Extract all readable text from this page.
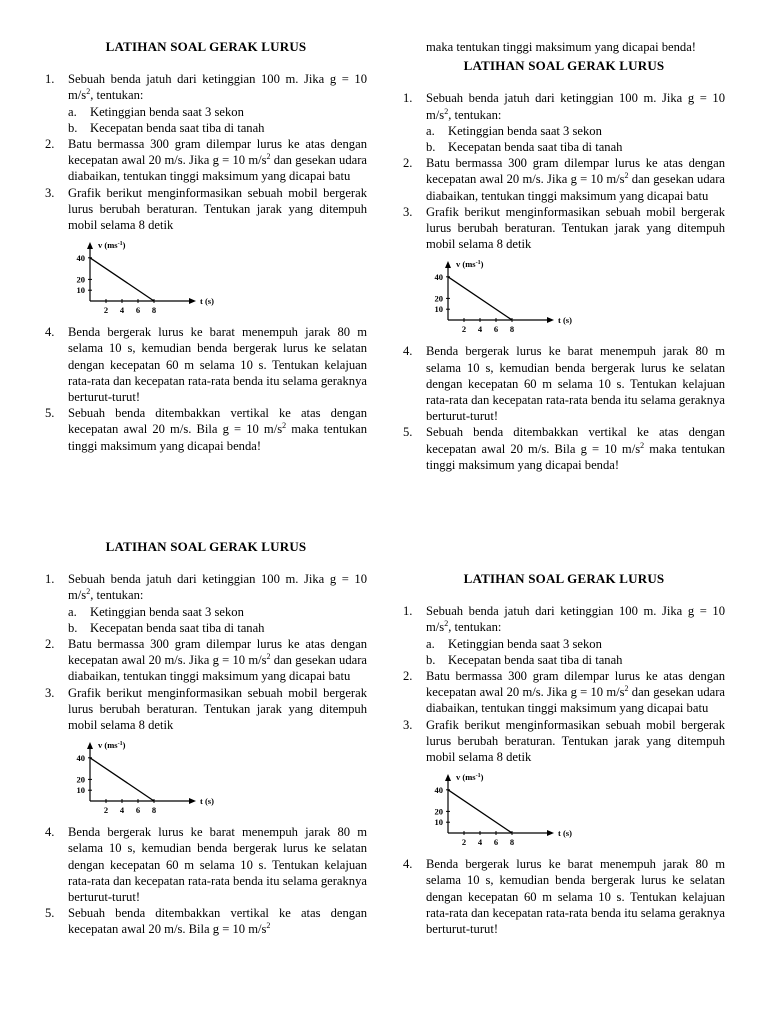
LATIHAN SOAL GERAK LURUS

1. Sebuah benda jatuh dari ketinggian 100 m. Jika g = 10 $m/s^2$, tentukan:
a. Ketinggian benda saat 3 sekon
b. Kecepatan benda saat tiba di tanah
2. Batu bermassa 300 gram dilempar lurus ke atas dengan kecepatan awal 20 m/s. Jika g = 10 $m/s^2$ dan gesekan udara diabaikan, tentukan tinggi maksimum yang dicapai batu
3. Grafik berikut menginformasikan sebuah mobil bergerak lurus berubah beraturan. Tentukan jarak yang ditempuh mobil selama 8 detik
40
20
10
2 4 6 8
v $(ms^{-1})$
t (s)
4. Benda bergerak lurus ke barat menempuh jarak 80 m selama 10 s, kemudian benda bergerak lurus ke selatan dengan kecepatan 60 m selama 10 s. Tentukan kelajuan rata-rata dan kecepatan rata-rata benda itu selama geraknya berturut-turut!
5. Sebuah benda ditembakkan vertikal ke atas dengan kecepatan awal 20 m/s. Bila g = 10 $m/s^2$ maka tentukan tinggi maksimum yang dicapai benda!

maka tentukan tinggi maksimum yang dicapai benda!

LATIHAN SOAL GERAK LURUS

1. Sebuah benda jatuh dari ketinggian 100 m. Jika g = 10 $m/s^2$, tentukan:
a. Ketinggian benda saat 3 sekon
b. Kecepatan benda saat tiba di tanah
2. Batu bermassa 300 gram dilempar lurus ke atas dengan kecepatan awal 20 m/s. Jika g = 10 $m/s^2$ dan gesekan udara diabaikan, tentukan tinggi maksimum yang dicapai batu
3. Grafik berikut menginformasikan sebuah mobil bergerak lurus berubah beraturan. Tentukan jarak yang ditempuh mobil selama 8 detik
40
20
10
2 4 6 8
v $(ms^{-1})$
t (s)
4. Benda bergerak lurus ke barat menempuh jarak 80 m selama 10 s, kemudian benda bergerak lurus ke selatan dengan kecepatan 60 m selama 10 s. Tentukan kelajuan rata-rata dan kecepatan rata-rata benda itu selama geraknya berturut-turut!
5. Sebuah benda ditembakkan vertikal ke atas dengan kecepatan awal 20 m/s. Bila g = 10 $m/s^2$ maka tentukan tinggi maksimum yang dicapai benda!

LATIHAN SOAL GERAK LURUS

1. Sebuah benda jatuh dari ketinggian 100 m. Jika g = 10 $m/s^2$, tentukan:
a. Ketinggian benda saat 3 sekon
b. Kecepatan benda saat tiba di tanah
2. Batu bermassa 300 gram dilempar lurus ke atas dengan kecepatan awal 20 m/s. Jika g = 10 $m/s^2$ dan gesekan udara diabaikan, tentukan tinggi maksimum yang dicapai batu
3. Grafik berikut menginformasikan sebuah mobil bergerak lurus berubah beraturan. Tentukan jarak yang ditempuh mobil selama 8 detik
40
20
10
2 4 6 8
v $(ms^{-1})$
t (s)
4. Benda bergerak lurus ke barat menempuh jarak 80 m selama 10 s, kemudian benda bergerak lurus ke selatan dengan kecepatan 60 m selama 10 s. Tentukan kelajuan rata-rata dan kecepatan rata-rata benda itu selama geraknya berturut-turut!
5. Sebuah benda ditembakkan vertikal ke atas dengan kecepatan awal 20 m/s. Bila g = 10 $m/s^2$

LATIHAN SOAL GERAK LURUS

1. Sebuah benda jatuh dari ketinggian 100 m. Jika g = 10 $m/s^2$, tentukan:
a. Ketinggian benda saat 3 sekon
b. Kecepatan benda saat tiba di tanah
2. Batu bermassa 300 gram dilempar lurus ke atas dengan kecepatan awal 20 m/s. Jika g = 10 $m/s^2$ dan gesekan udara diabaikan, tentukan tinggi maksimum yang dicapai batu
3. Grafik berikut menginformasikan sebuah mobil bergerak lurus berubah beraturan. Tentukan jarak yang ditempuh mobil selama 8 detik
40
20
10
2 4 6 8
v $(ms^{-1})$
t (s)
4. Benda bergerak lurus ke barat menempuh jarak 80 m selama 10 s, kemudian benda bergerak lurus ke selatan dengan kecepatan 60 m selama 10 s. Tentukan kelajuan rata-rata dan kecepatan rata-rata benda itu selama geraknya berturut-turut!
